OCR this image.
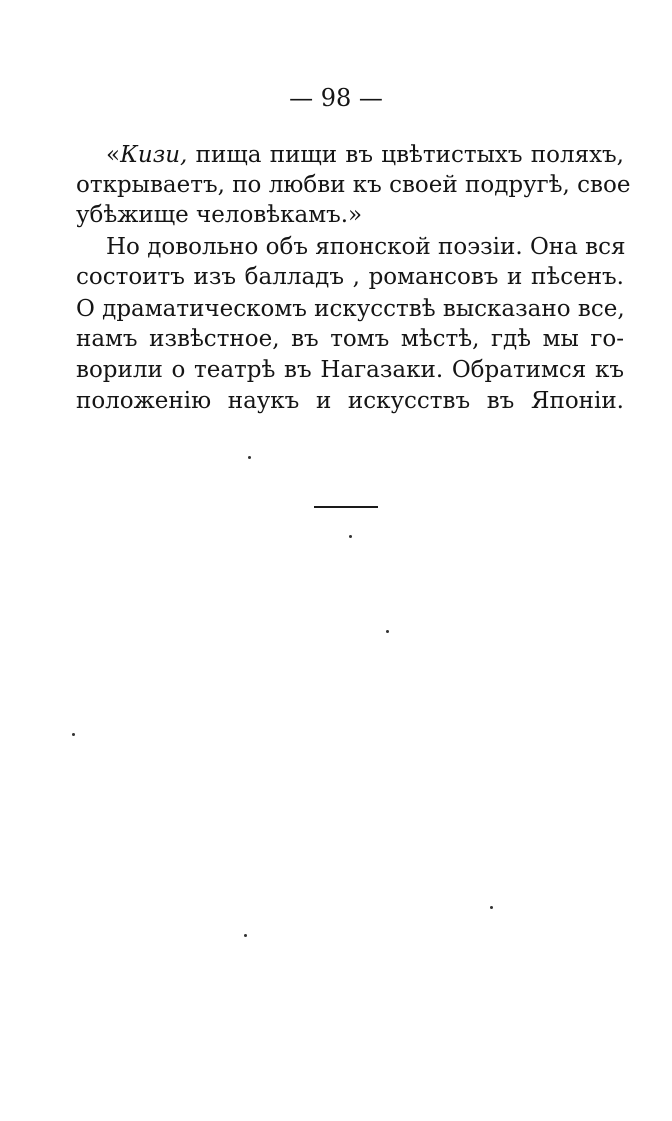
— 98 —
«Кизи, пища пищи въ цвѣтистыхъ поляхъ,
открываетъ, по любви къ своей подругѣ, свое
убѣжище человѣкамъ.»
Но довольно объ японской поэзіи. Она вся
состоитъ изъ балладъ , романсовъ и пѣсенъ.
О драматическомъ искусствѣ высказано все,
намъ извѣстное, въ томъ мѣстѣ, гдѣ мы го-
ворили о театрѣ въ Нагазаки. Обратимся къ
положенію наукъ и искусствъ въ Японіи.
